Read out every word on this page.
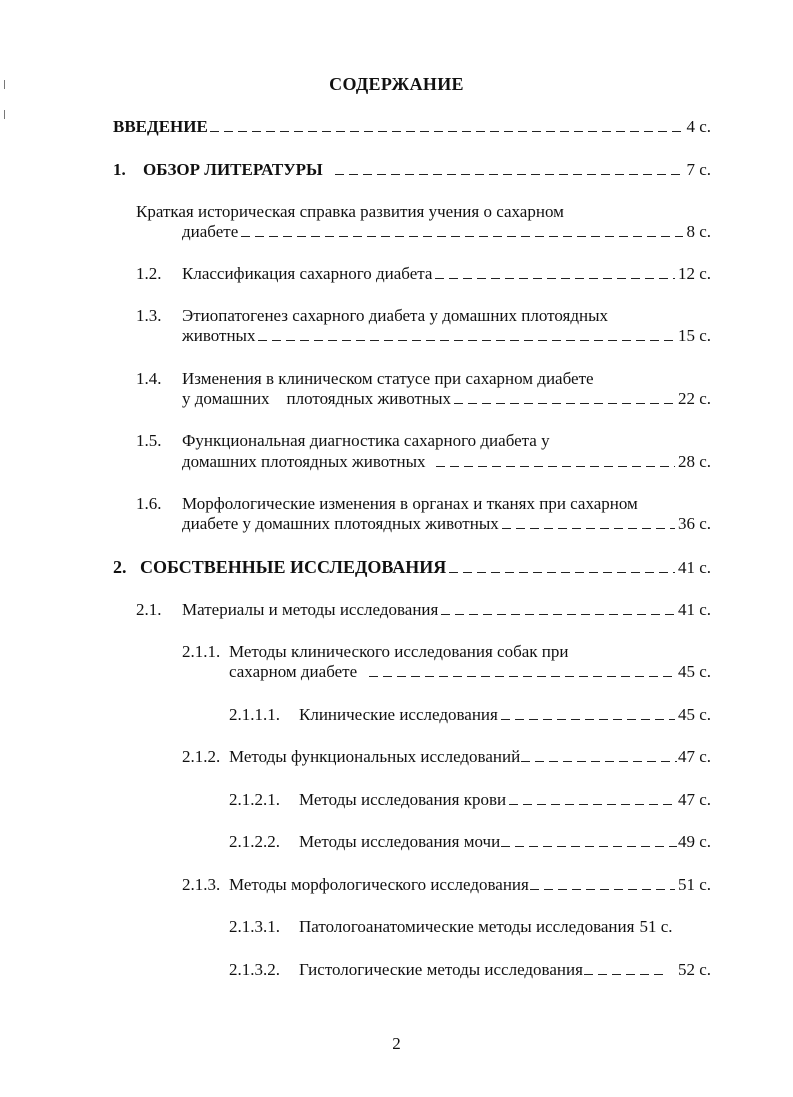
СОДЕРЖАНИЕ
ВВЕДЕНИЕ	4 с.
1.	ОБЗОР ЛИТЕРАТУРЫ	7 с.
Краткая историческая справка развития учения о сахарном
диабете	8 с.
1.2.	Классификация сахарного диабета	12 с.
1.3.	Этиопатогенез сахарного диабета у домашних плотоядных
животных	15 с.
1.4.	Изменения в клиническом статусе при сахарном диабете
у домашних    плотоядных животных	22 с.
1.5.	Функциональная диагностика сахарного диабета у
домашних плотоядных животных	28 с.
1.6.	Морфологические изменения в органах и тканях при сахарном
диабете у домашних плотоядных животных	36 с.
2. СОБСТВЕННЫЕ ИССЛЕДОВАНИЯ	41 с.
2.1.	Материалы и методы исследования	41 с.
2.1.1. Методы клинического исследования собак при
сахарном диабете	45 с.
2.1.1.1.	Клинические исследования	45 с.
2.1.2. Методы функциональных исследований	47 с.
2.1.2.1.	Методы исследования крови	47 с.
2.1.2.2.	Методы исследования мочи	49 с.
2.1.3. Методы морфологического исследования	51 с.
2.1.3.1.	Патологоанатомические методы исследования 51 с.
2.1.3.2.	Гистологические методы исследования	52 с.
2
